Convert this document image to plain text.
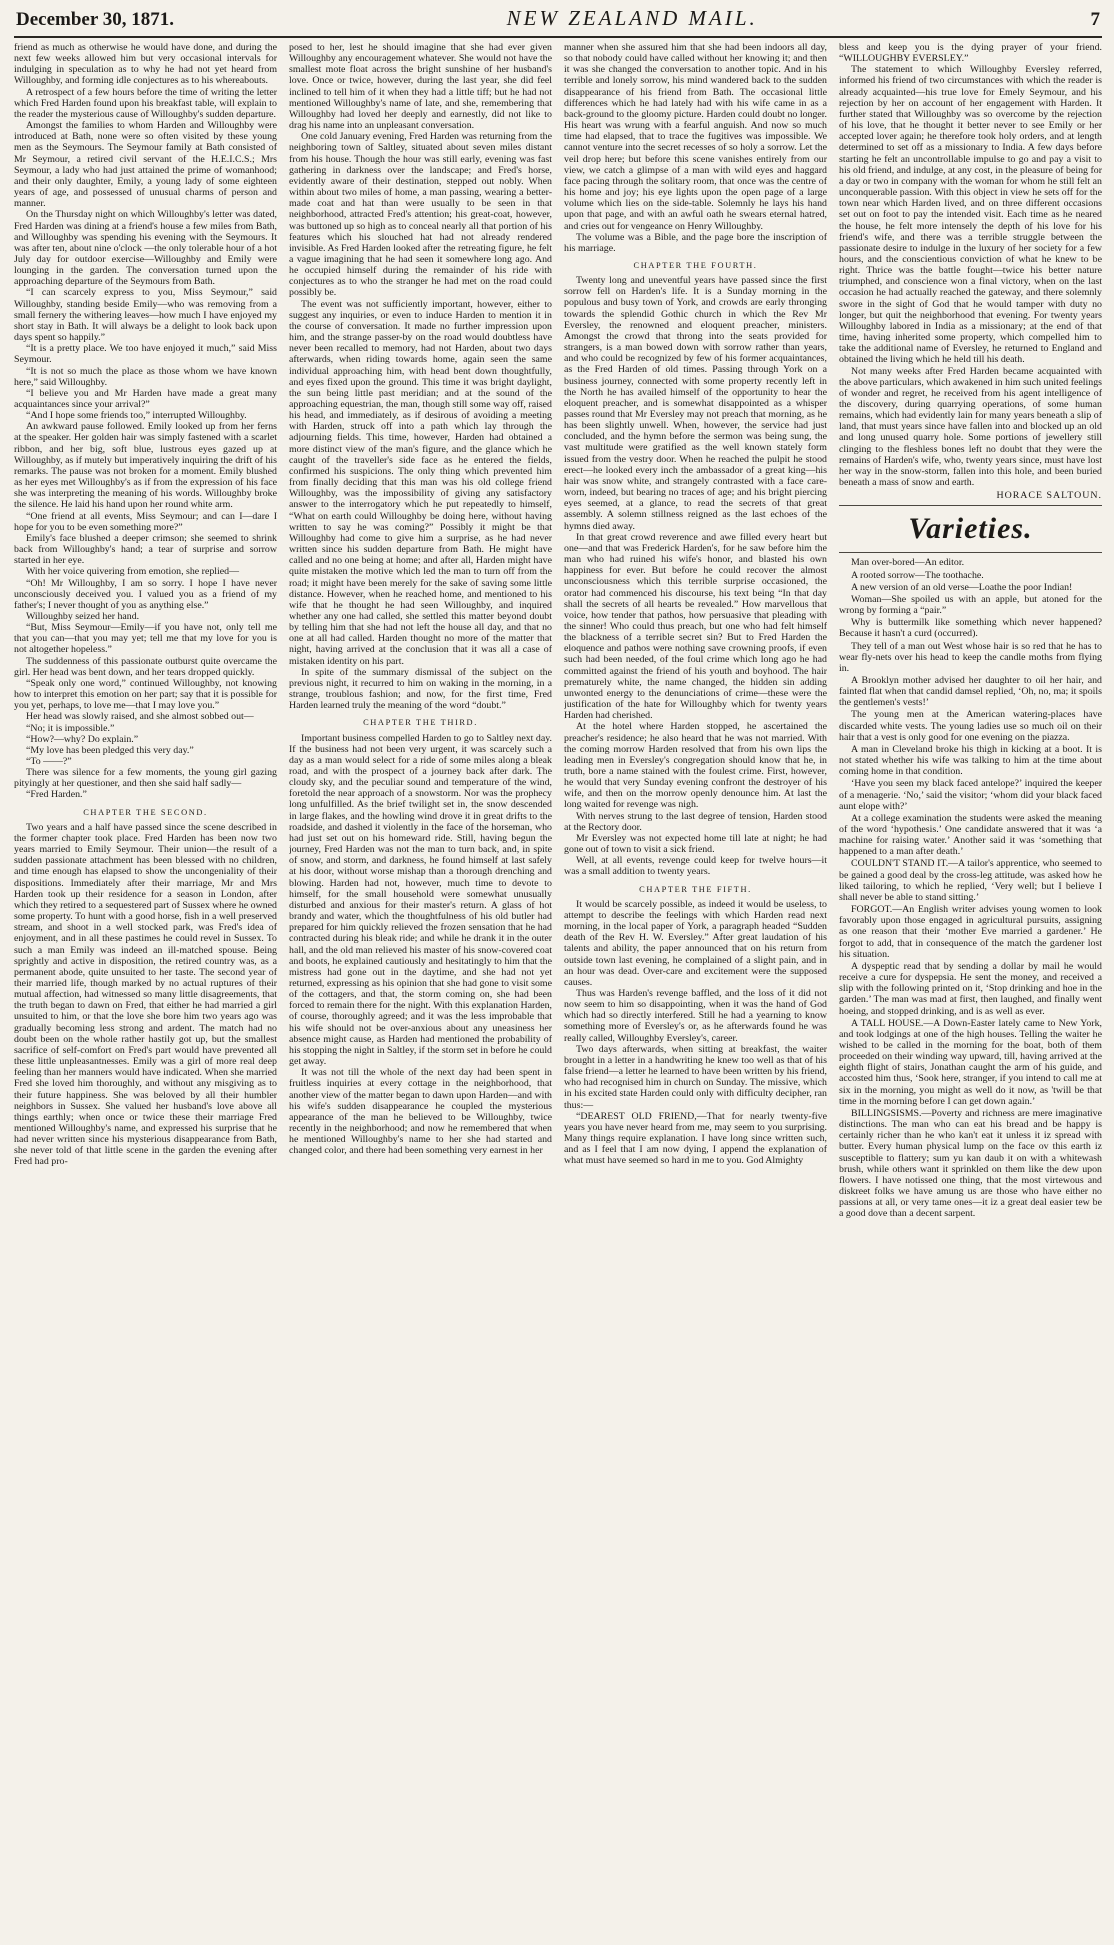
December 30, 1871.	NEW ZEALAND MAIL.	7

friend as much as otherwise he would have done, and during the next few weeks allowed him but very occasional intervals for indulging in speculation as to why he had not yet heard from Willoughby, and forming idle conjectures as to his whereabouts.

A retrospect of a few hours before the time of writing the letter which Fred Harden found upon his breakfast table, will explain to the reader the mysterious cause of Willoughby's sudden departure.

Amongst the families to whom Harden and Willoughby were introduced at Bath, none were so often visited by these young men as the Seymours. The Seymour family at Bath consisted of Mr Seymour, a retired civil servant of the H.E.I.C.S.; Mrs Seymour, a lady who had just attained the prime of womanhood; and their only daughter, Emily, a young lady of some eighteen years of age, and possessed of unusual charms of person and manner.

On the Thursday night on which Willoughby's letter was dated, Fred Harden was dining at a friend's house a few miles from Bath, and Willoughby was spending his evening with the Seymours. It was after ten, about nine o'clock —the only tolerable hour of a hot July day for outdoor exercise—Willoughby and Emily were lounging in the garden. The conversation turned upon the approaching departure of the Seymours from Bath.

“I can scarcely express to you, Miss Seymour,” said Willoughby, standing beside Emily—who was removing from a small fernery the withering leaves—how much I have enjoyed my short stay in Bath. It will always be a delight to look back upon days spent so happily.”

“It is a pretty place. We too have enjoyed it much,” said Miss Seymour.

“It is not so much the place as those whom we have known here,” said Willoughby.

“I believe you and Mr Harden have made a great many acquaintances since your arrival?”

“And I hope some friends too,” interrupted Willoughby.

An awkward pause followed. Emily looked up from her ferns at the speaker. Her golden hair was simply fastened with a scarlet ribbon, and her big, soft blue, lustrous eyes gazed up at Willoughby, as if mutely but imperatively inquiring the drift of his remarks. The pause was not broken for a moment. Emily blushed as her eyes met Willoughby's as if from the expression of his face she was interpreting the meaning of his words. Willoughby broke the silence. He laid his hand upon her round white arm.

“One friend at all events, Miss Seymour; and can I—dare I hope for you to be even something more?”

Emily's face blushed a deeper crimson; she seemed to shrink back from Willoughby's hand; a tear of surprise and sorrow started in her eye.

With her voice quivering from emotion, she replied—

“Oh! Mr Willoughby, I am so sorry. I hope I have never unconsciously deceived you. I valued you as a friend of my father's; I never thought of you as anything else.”

Willoughby seized her hand.

“But, Miss Seymour—Emily—if you have not, only tell me that you can—that you may yet; tell me that my love for you is not altogether hopeless.”

The suddenness of this passionate outburst quite overcame the girl. Her head was bent down, and her tears dropped quickly.

“Speak only one word,” continued Willoughby, not knowing how to interpret this emotion on her part; say that it is possible for you yet, perhaps, to love me—that I may love you.”

Her head was slowly raised, and she almost sobbed out—

“No; it is impossible.”

“How?—why? Do explain.”

“My love has been pledged this very day.”

“To ——?”

There was silence for a few moments, the young girl gazing pityingly at her questioner, and then she said half sadly—

“Fred Harden.”

CHAPTER THE SECOND.

Two years and a half have passed since the scene described in the former chapter took place. Fred Harden has been now two years married to Emily Seymour. Their union—the result of a sudden passionate attachment has been blessed with no children, and time enough has elapsed to show the uncongeniality of their dispositions. Immediately after their marriage, Mr and Mrs Harden took up their residence for a season in London, after which they retired to a sequestered part of Sussex where he owned some property. To hunt with a good horse, fish in a well preserved stream, and shoot in a well stocked park, was Fred's idea of enjoyment, and in all these pastimes he could revel in Sussex. To such a man Emily was indeed an ill-matched spouse. Being sprightly and active in disposition, the retired country was, as a permanent abode, quite unsuited to her taste. The second year of their married life, though marked by no actual ruptures of their mutual affection, had witnessed so many little disagreements, that the truth began to dawn on Fred, that either he had married a girl unsuited to him, or that the love she bore him two years ago was gradually becoming less strong and ardent. The match had no doubt been on the whole rather hastily got up, but the smallest sacrifice of self-comfort on Fred's part would have prevented all these little unpleasantnesses. Emily was a girl of more real deep feeling than her manners would have indicated. When she married Fred she loved him thoroughly, and without any misgiving as to their future happiness. She was beloved by all their humbler neighbors in Sussex. She valued her husband's love above all things earthly; when once or twice these their marriage Fred mentioned Willoughby's name, and expressed his surprise that he had never written since his mysterious disappearance from Bath, she never told of that little scene in the garden the evening after Fred had pro-

posed to her, lest he should imagine that she had ever given Willoughby any encouragement whatever. She would not have the smallest mote float across the bright sunshine of her husband's love. Once or twice, however, during the last year, she did feel inclined to tell him of it when they had a little tiff; but he had not mentioned Willoughby's name of late, and she, remembering that Willoughby had loved her deeply and earnestly, did not like to drag his name into an unpleasant conversation.

One cold January evening, Fred Harden was returning from the neighboring town of Saltley, situated about seven miles distant from his house. Though the hour was still early, evening was fast gathering in darkness over the landscape; and Fred's horse, evidently aware of their destination, stepped out nobly. When within about two miles of home, a man passing, wearing a better-made coat and hat than were usually to be seen in that neighborhood, attracted Fred's attention; his great-coat, however, was buttoned up so high as to conceal nearly all that portion of his features which his slouched hat had not already rendered invisible. As Fred Harden looked after the retreating figure, he felt a vague imagining that he had seen it somewhere long ago. And he occupied himself during the remainder of his ride with conjectures as to who the stranger he had met on the road could possibly be.

The event was not sufficiently important, however, either to suggest any inquiries, or even to induce Harden to mention it in the course of conversation. It made no further impression upon him, and the strange passer-by on the road would doubtless have never been recalled to memory, had not Harden, about two days afterwards, when riding towards home, again seen the same individual approaching him, with head bent down thoughtfully, and eyes fixed upon the ground. This time it was bright daylight, the sun being little past meridian; and at the sound of the approaching equestrian, the man, though still some way off, raised his head, and immediately, as if desirous of avoiding a meeting with Harden, struck off into a path which lay through the adjourning fields. This time, however, Harden had obtained a more distinct view of the man's figure, and the glance which he caught of the traveller's side face as he entered the fields, confirmed his suspicions. The only thing which prevented him from finally deciding that this man was his old college friend Willoughby, was the impossibility of giving any satisfactory answer to the interrogatory which he put repeatedly to himself, “What on earth could Willoughby be doing here, without having written to say he was coming?” Possibly it might be that Willoughby had come to give him a surprise, as he had never written since his sudden departure from Bath. He might have called and no one being at home; and after all, Harden might have quite mistaken the motive which led the man to turn off from the road; it might have been merely for the sake of saving some little distance. However, when he reached home, and mentioned to his wife that he thought he had seen Willoughby, and inquired whether any one had called, she settled this matter beyond doubt by telling him that she had not left the house all day, and that no one at all had called. Harden thought no more of the matter that night, having arrived at the conclusion that it was all a case of mistaken identity on his part.

In spite of the summary dismissal of the subject on the previous night, it recurred to him on waking in the morning, in a strange, troublous fashion; and now, for the first time, Fred Harden learned truly the meaning of the word “doubt.”

CHAPTER THE THIRD.

Important business compelled Harden to go to Saltley next day. If the business had not been very urgent, it was scarcely such a day as a man would select for a ride of some miles along a bleak road, and with the prospect of a journey back after dark. The cloudy sky, and the peculiar sound and temperature of the wind, foretold the near approach of a snowstorm. Nor was the prophecy long unfulfilled. As the brief twilight set in, the snow descended in large flakes, and the howling wind drove it in great drifts to the roadside, and dashed it violently in the face of the horseman, who had just set out on his homeward ride. Still, having begun the journey, Fred Harden was not the man to turn back, and, in spite of snow, and storm, and darkness, he found himself at last safely at his door, without worse mishap than a thorough drenching and blowing. Harden had not, however, much time to devote to himself, for the small household were somewhat unusually disturbed and anxious for their master's return. A glass of hot brandy and water, which the thoughtfulness of his old butler had prepared for him quickly relieved the frozen sensation that he had contracted during his bleak ride; and while he drank it in the outer hall, and the old man relieved his master of his snow-covered coat and boots, he explained cautiously and hesitatingly to him that the mistress had gone out in the daytime, and she had not yet returned, expressing as his opinion that she had gone to visit some of the cottagers, and that, the storm coming on, she had been forced to remain there for the night. With this explanation Harden, of course, thoroughly agreed; and it was the less improbable that his wife should not be over-anxious about any uneasiness her absence might cause, as Harden had mentioned the probability of his stopping the night in Saltley, if the storm set in before he could get away.

It was not till the whole of the next day had been spent in fruitless inquiries at every cottage in the neighborhood, that another view of the matter began to dawn upon Harden—and with his wife's sudden disappearance he coupled the mysterious appearance of the man he believed to be Willoughby, twice recently in the neighborhood; and now he remembered that when he mentioned Willoughby's name to her she had started and changed color, and there had been something very earnest in her

manner when she assured him that she had been indoors all day, so that nobody could have called without her knowing it; and then it was she changed the conversation to another topic. And in his terrible and lonely sorrow, his mind wandered back to the sudden disappearance of his friend from Bath. The occasional little differences which he had lately had with his wife came in as a back-ground to the gloomy picture. Harden could doubt no longer. His heart was wrung with a fearful anguish. And now so much time had elapsed, that to trace the fugitives was impossible. We cannot venture into the secret recesses of so holy a sorrow. Let the veil drop here; but before this scene vanishes entirely from our view, we catch a glimpse of a man with wild eyes and haggard face pacing through the solitary room, that once was the centre of his home and joy; his eye lights upon the open page of a large volume which lies on the side-table. Solemnly he lays his hand upon that page, and with an awful oath he swears eternal hatred, and cries out for vengeance on Henry Willoughby.

The volume was a Bible, and the page bore the inscription of his marriage.

CHAPTER THE FOURTH.

Twenty long and uneventful years have passed since the first sorrow fell on Harden's life. It is a Sunday morning in the populous and busy town of York, and crowds are early thronging towards the splendid Gothic church in which the Rev Mr Eversley, the renowned and eloquent preacher, ministers. Amongst the crowd that throng into the seats provided for strangers, is a man bowed down with sorrow rather than years, and who could be recognized by few of his former acquaintances, as the Fred Harden of old times. Passing through York on a business journey, connected with some property recently left in the North he has availed himself of the opportunity to hear the eloquent preacher, and is somewhat disappointed as a whisper passes round that Mr Eversley may not preach that morning, as he has been slightly unwell. When, however, the service had just concluded, and the hymn before the sermon was being sung, the vast multitude were gratified as the well known stately form issued from the vestry door. When he reached the pulpit he stood erect—he looked every inch the ambassador of a great king—his hair was snow white, and strangely contrasted with a face care-worn, indeed, but bearing no traces of age; and his bright piercing eyes seemed, at a glance, to read the secrets of that great assembly. A solemn stillness reigned as the last echoes of the hymns died away.

In that great crowd reverence and awe filled every heart but one—and that was Frederick Harden's, for he saw before him the man who had ruined his wife's honor, and blasted his own happiness for ever. But before he could recover the almost unconsciousness which this terrible surprise occasioned, the orator had commenced his discourse, his text being “In that day shall the secrets of all hearts be revealed.” How marvellous that voice, how tender that pathos, how persuasive that pleading with the sinner! Who could thus preach, but one who had felt himself the blackness of a terrible secret sin? But to Fred Harden the eloquence and pathos were nothing save crowning proofs, if even such had been needed, of the foul crime which long ago he had committed against the friend of his youth and boyhood. The hair prematurely white, the name changed, the hidden sin adding unwonted energy to the denunciations of crime—these were the justification of the hate for Willoughby which for twenty years Harden had cherished.

At the hotel where Harden stopped, he ascertained the preacher's residence; he also heard that he was not married. With the coming morrow Harden resolved that from his own lips the leading men in Eversley's congregation should know that he, in truth, bore a name stained with the foulest crime. First, however, he would that very Sunday evening confront the destroyer of his wife, and then on the morrow openly denounce him. At last the long waited for revenge was nigh.

With nerves strung to the last degree of tension, Harden stood at the Rectory door.

Mr Eversley was not expected home till late at night; he had gone out of town to visit a sick friend.

Well, at all events, revenge could keep for twelve hours—it was a small addition to twenty years.

CHAPTER THE FIFTH.

It would be scarcely possible, as indeed it would be useless, to attempt to describe the feelings with which Harden read next morning, in the local paper of York, a paragraph headed “Sudden death of the Rev H. W. Eversley.” After great laudation of his talents and ability, the paper announced that on his return from outside town last evening, he complained of a slight pain, and in an hour was dead. Over-care and excitement were the supposed causes.

Thus was Harden's revenge baffled, and the loss of it did not now seem to him so disappointing, when it was the hand of God which had so directly interfered. Still he had a yearning to know something more of Eversley's or, as he afterwards found he was really called, Willoughby Eversley's, career.

Two days afterwards, when sitting at breakfast, the waiter brought in a letter in a handwriting he knew too well as that of his false friend—a letter he learned to have been written by his friend, who had recognised him in church on Sunday. The missive, which in his excited state Harden could only with difficulty decipher, ran thus:—

“DEAREST OLD FRIEND,—That for nearly twenty-five years you have never heard from me, may seem to you surprising. Many things require explanation. I have long since written such, and as I feel that I am now dying, I append the explanation of what must have seemed so hard in me to you. God Almighty

bless and keep you is the dying prayer of your friend. “WILLOUGHBY EVERSLEY.”

The statement to which Willoughby Eversley referred, informed his friend of two circumstances with which the reader is already acquainted—his true love for Emely Seymour, and his rejection by her on account of her engagement with Harden. It further stated that Willoughby was so overcome by the rejection of his love, that he thought it better never to see Emily or her accepted lover again; he therefore took holy orders, and at length determined to set off as a missionary to India. A few days before starting he felt an uncontrollable impulse to go and pay a visit to his old friend, and indulge, at any cost, in the pleasure of being for a day or two in company with the woman for whom he still felt an unconquerable passion. With this object in view he sets off for the town near which Harden lived, and on three different occasions set out on foot to pay the intended visit. Each time as he neared the house, he felt more intensely the depth of his love for his friend's wife, and there was a terrible struggle between the passionate desire to indulge in the luxury of her society for a few hours, and the conscientious conviction of what he knew to be right. Thrice was the battle fought—twice his better nature triumphed, and conscience won a final victory, when on the last occasion he had actually reached the gateway, and there solemnly swore in the sight of God that he would tamper with duty no longer, but quit the neighborhood that evening. For twenty years Willoughby labored in India as a missionary; at the end of that time, having inherited some property, which compelled him to take the additional name of Eversley, he returned to England and obtained the living which he held till his death.

Not many weeks after Fred Harden became acquainted with the above particulars, which awakened in him such united feelings of wonder and regret, he received from his agent intelligence of the discovery, during quarrying operations, of some human remains, which had evidently lain for many years beneath a slip of land, that must years since have fallen into and blocked up an old and long unused quarry hole. Some portions of jewellery still clinging to the fleshless bones left no doubt that they were the remains of Harden's wife, who, twenty years since, must have lost her way in the snow-storm, fallen into this hole, and been buried beneath a mass of snow and earth.

HORACE SALTOUN.
Varieties.

Man over-bored—An editor.

A rooted sorrow—The toothache.

A new version of an old verse—Loathe the poor Indian!

Woman—She spoiled us with an apple, but atoned for the wrong by forming a “pair.”

Why is buttermilk like something which never happened? Because it hasn't a curd (occurred).

They tell of a man out West whose hair is so red that he has to wear fly-nets over his head to keep the candle moths from flying in.

A Brooklyn mother advised her daughter to oil her hair, and fainted flat when that candid damsel replied, ‘Oh, no, ma; it spoils the gentlemen's vests!’

The young men at the American watering-places have discarded white vests. The young ladies use so much oil on their hair that a vest is only good for one evening on the piazza.

A man in Cleveland broke his thigh in kicking at a boot. It is not stated whether his wife was talking to him at the time about coming home in that condition.

‘Have you seen my black faced antelope?’ inquired the keeper of a menagerie. ‘No,’ said the visitor; ‘whom did your black faced aunt elope with?’

At a college examination the students were asked the meaning of the word ‘hypothesis.’ One candidate answered that it was ‘a machine for raising water.’ Another said it was ‘something that happened to a man after death.’

COULDN'T STAND IT.—A tailor's apprentice, who seemed to be gained a good deal by the cross-leg attitude, was asked how he liked tailoring, to which he replied, ‘Very well; but I believe I shall never be able to stand sitting.’

FORGOT.—An English writer advises young women to look favorably upon those engaged in agricultural pursuits, assigning as one reason that their ‘mother Eve married a gardener.’ He forgot to add, that in consequence of the match the gardener lost his situation.

A dyspeptic read that by sending a dollar by mail he would receive a cure for dyspepsia. He sent the money, and received a slip with the following printed on it, ‘Stop drinking and hoe in the garden.’ The man was mad at first, then laughed, and finally went hoeing, and stopped drinking, and is as well as ever.

A TALL HOUSE.—A Down-Easter lately came to New York, and took lodgings at one of the high houses. Telling the waiter he wished to be called in the morning for the boat, both of them proceeded on their winding way upward, till, having arrived at the eighth flight of stairs, Jonathan caught the arm of his guide, and accosted him thus, ‘Sook here, stranger, if you intend to call me at six in the morning, you might as well do it now, as 'twill be that time in the morning before I can get down again.’

BILLINGSISMS.—Poverty and richness are mere imaginative distinctions. The man who can eat his bread and be happy is certainly richer than he who kan't eat it unless it iz spread with butter. Every human physical lump on the face ov this earth iz susceptible to flattery; sum yu kan daub it on with a whitewash brush, while others want it sprinkled on them like the dew upon flowers. I have notissed one thing, that the most virtewous and diskreet folks we have amung us are those who have either no passions at all, or very tame ones—it iz a great deal easier tew be a good dove than a decent sarpent.
